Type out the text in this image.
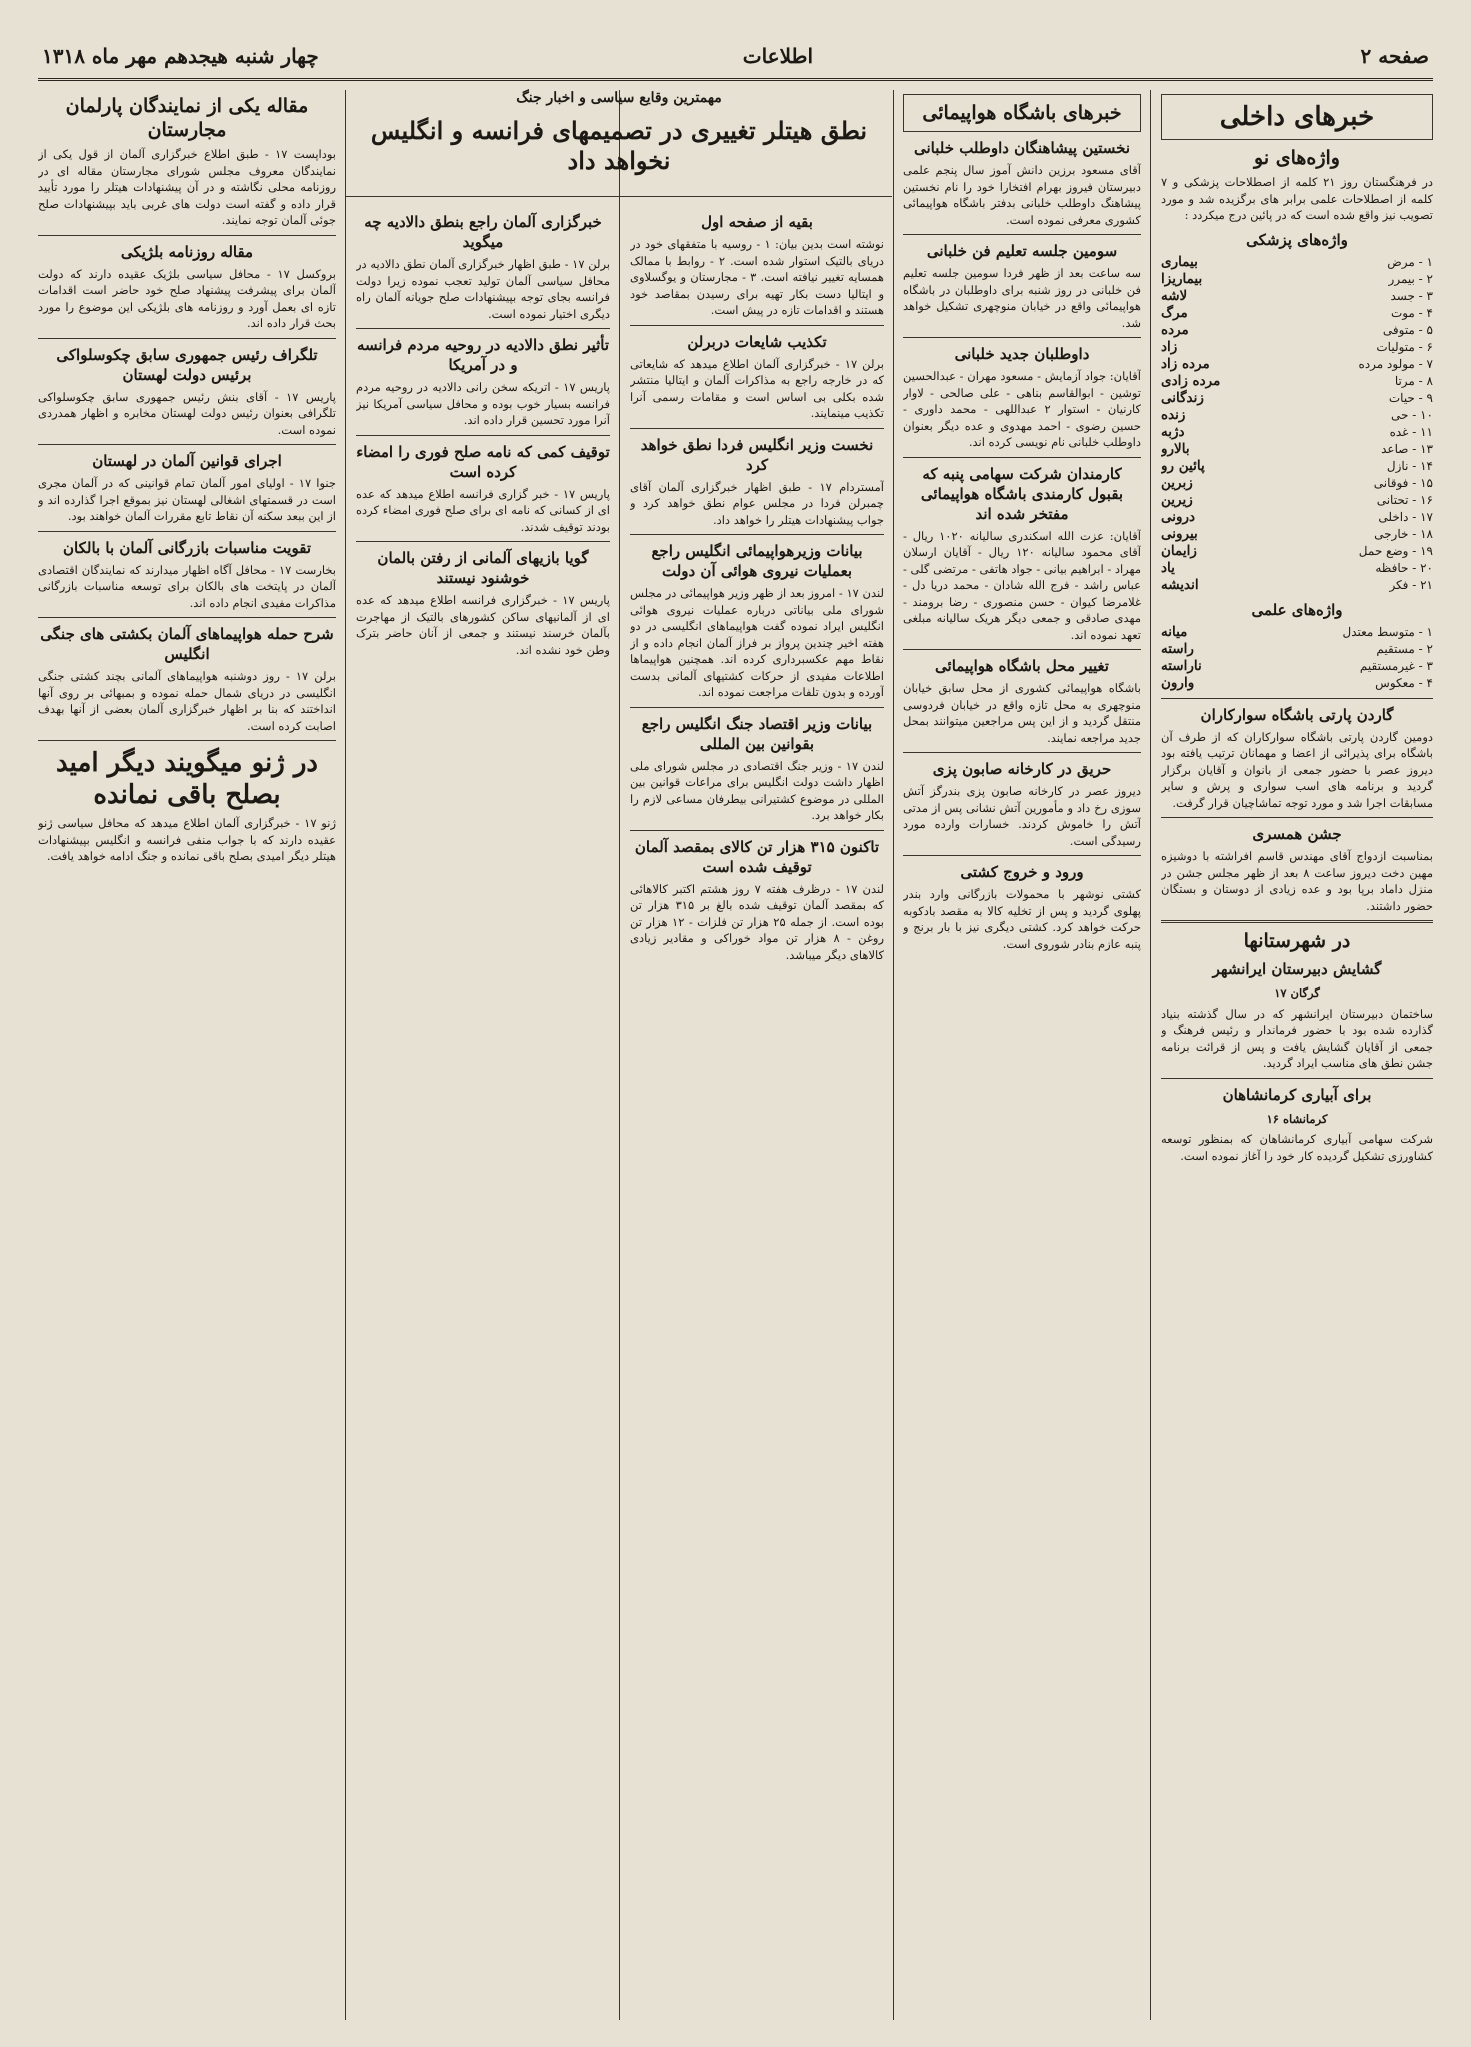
صفحه ۲
اطلاعات
چهار شنبه هیجدهم مهر ماه ۱۳۱۸
خبرهای داخلی
واژه‌های نو

در فرهنگستان روز ۲۱ کلمه از اصطلاحات پزشکی و ۷ کلمه از اصطلاحات علمی برابر های برگزیده شد و مورد تصویب نیز واقع شده است که در پائین درج میکردد :

واژه‌های پزشکی
۱ - مرض
بیماری
۲ - بیمرر
بیماریزا
۳ - جسد
لاشه
۴ - موت
مرگ
۵ - متوفی
مرده
۶ - متولیات
زاد
۷ - مولود مرده
مرده زاد
۸ - مرتا
مرده زادی
۹ - حیات
زندگانی
۱۰ - حی
زنده
۱۱ - غده
دژبه
۱۳ - صاعد
بالارو
۱۴ - نازل
پائین رو
۱۵ - فوقانی
زبرین
۱۶ - تحتانی
زیرین
۱۷ - داخلی
درونی
۱۸ - خارجی
بیرونی
۱۹ - وضع حمل
زایمان
۲۰ - حافظه
یاد
۲۱ - فکر
اندیشه
واژه‌های علمی
۱ - متوسط معتدل
میانه
۲ - مستقیم
راسته
۳ - غیرمستقیم
ناراسته
۴ - معکوس
وارون
گاردن پارتی باشگاه سوارکاران

دومین گاردن پارتی باشگاه سوارکاران که از طرف آن باشگاه برای پذیرائی از اعضا و مهمانان ترتیب یافته بود دیروز عصر با حضور جمعی از بانوان و آقایان برگزار گردید و برنامه های اسب سواری و پرش و سایر مسابقات اجرا شد و مورد توجه تماشاچیان قرار گرفت.

جشن همسری

بمناسبت ازدواج آقای مهندس قاسم افراشته با دوشیزه مهین دخت دیروز ساعت ۸ بعد از ظهر مجلس جشن در منزل داماد برپا بود و عده زیادی از دوستان و بستگان حضور داشتند.

در شهرستانها
گشایش دبیرستان ایرانشهر
گرگان ۱۷

ساختمان دبیرستان ایرانشهر که در سال گذشته بنیاد گذارده شده بود با حضور فرماندار و رئیس فرهنگ و جمعی از آقایان گشایش یافت و پس از قرائت برنامه جشن نطق های مناسب ایراد گردید.

برای آبیاری کرمانشاهان
کرمانشاه ۱۶

شرکت سهامی آبیاری کرمانشاهان که بمنظور توسعه کشاورزی تشکیل گردیده کار خود را آغاز نموده است.

خبرهای باشگاه هواپیمائی
نخستین پیشاهنگان داوطلب خلبانی

آقای مسعود برزین دانش آموز سال پنجم علمی دبیرستان فیروز بهرام افتخارا خود را نام نخستین پیشاهنگ داوطلب خلبانی بدفتر باشگاه هواپیمائی کشوری معرفی نموده است.

سومین جلسه تعلیم فن خلبانی

سه ساعت بعد از ظهر فردا سومین جلسه تعلیم فن خلبانی در روز شنبه برای داوطلبان در باشگاه هواپیمائی واقع در خیابان منوچهری تشکیل خواهد شد.

داوطلبان جدید خلبانی

آقایان: جواد آزمایش - مسعود مهران - عبدالحسین توشین - ابوالقاسم بناهی - علی صالحی - لاوار کارنیان - استوار ۲ عبداللهی - محمد داوری - حسین رضوی - احمد مهدوی و عده دیگر بعنوان داوطلب خلبانی نام نویسی کرده اند.

کارمندان شرکت سهامی پنبه که بقبول کارمندی باشگاه هواپیمائی مفتخر شده اند

آقایان: عزت الله اسکندری ساليانه ۱۰۲۰ ریال - آقای محمود ساليانه ۱۲۰ ریال - آقایان ارسلان مهراد - ابراهیم بیانی - جواد هاتفی - مرتضی گلی - عباس راشد - فرج الله شادان - محمد دریا دل - غلامرضا کیوان - حسن منصوری - رضا برومند - مهدی صادقی و جمعی دیگر هریک سالیانه مبلغی تعهد نموده اند.

تغییر محل باشگاه هواپیمائی

باشگاه هواپیمائی کشوری از محل سابق خیابان منوچهری به محل تازه واقع در خیابان فردوسی منتقل گردید و از این پس مراجعین میتوانند بمحل جدید مراجعه نمایند.

حریق در کارخانه صابون پزی

دیروز عصر در کارخانه صابون پزی بندرگز آتش سوزی رخ داد و مأمورین آتش نشانی پس از مدتی آتش را خاموش کردند. خسارات وارده مورد رسیدگی است.

ورود و خروج کشتی

کشتی نوشهر با محمولات بازرگانی وارد بندر پهلوی گردید و پس از تخلیه کالا به مقصد بادکوبه حرکت خواهد کرد. کشتی دیگری نیز با بار برنج و پنبه عازم بنادر شوروی است.

مهمترین وقایع سیاسی و اخبار جنگ
نطق هیتلر تغییری در تصمیمهای فرانسه و انگلیس نخواهد داد
بقیه از صفحه اول

نوشته است بدین بیان: ۱ - روسیه با متفقهای خود در دریای بالتیک استوار شده است. ۲ - روابط با ممالک همسایه تغییر نیافته است. ۳ - مجارستان و یوگسلاوی و ایتالیا دست بکار تهیه برای رسیدن بمقاصد خود هستند و اقدامات تازه در پیش است.

تکذیب شایعات دربرلن

برلن ۱۷ - خبرگزاری آلمان اطلاع میدهد که شایعاتی که در خارجه راجع به مذاکرات آلمان و ایتالیا منتشر شده بکلی بی اساس است و مقامات رسمی آنرا تکذیب مینمایند.

نخست وزیر انگلیس فردا نطق خواهد کرد

آمستردام ۱۷ - طبق اظهار خبرگزاری آلمان آقای چمبرلن فردا در مجلس عوام نطق خواهد کرد و جواب پیشنهادات هیتلر را خواهد داد.

بیانات وزیرهواپیمائی انگلیس راجع بعملیات نیروی هوائی آن دولت

لندن ۱۷ - امروز بعد از ظهر وزیر هواپیمائی در مجلس شورای ملی بیاناتی درباره عملیات نیروی هوائی انگلیس ایراد نموده گفت هواپیماهای انگلیسی در دو هفته اخیر چندین پرواز بر فراز آلمان انجام داده و از نقاط مهم عکسبرداری کرده اند. همچنین هواپیماها اطلاعات مفیدی از حرکات کشتیهای آلمانی بدست آورده و بدون تلفات مراجعت نموده اند.

بیانات وزیر اقتصاد جنگ انگلیس راجع بقوانین بین المللی

لندن ۱۷ - وزیر جنگ اقتصادی در مجلس شورای ملی اظهار داشت دولت انگلیس برای مراعات قوانین بین المللی در موضوع کشتیرانی بیطرفان مساعی لازم را بکار خواهد برد.

تاکنون ۳۱۵ هزار تن کالای بمقصد آلمان توقیف شده است

لندن ۱۷ - درظرف هفته ۷ روز هشتم اکتبر کالاهائی که بمقصد آلمان توقیف شده بالغ بر ۳۱۵ هزار تن بوده است. از جمله ۲۵ هزار تن فلزات - ۱۲ هزار تن روغن - ۸ هزار تن مواد خوراکی و مقادیر زیادی کالاهای دیگر میباشد.

خبرگزاری آلمان راجع بنطق دالادیه چه میگوید

برلن ۱۷ - طبق اظهار خبرگزاری آلمان نطق دالادیه در محافل سیاسی آلمان تولید تعجب نموده زیرا دولت فرانسه بجای توجه بپیشنهادات صلح جویانه آلمان راه دیگری اختیار نموده است.

تأثیر نطق دالادیه در روحیه مردم فرانسه و در آمریکا

پاریس ۱۷ - اتریکه سخن رانی دالادیه در روحیه مردم فرانسه بسیار خوب بوده و محافل سیاسی آمریکا نیز آنرا مورد تحسین قرار داده اند.

توقیف کمی که نامه صلح فوری را امضاء کرده است

پاریس ۱۷ - خبر گزاری فرانسه اطلاع میدهد که عده ای از کسانی که نامه ای برای صلح فوری امضاء کرده بودند توقیف شدند.

گویا بازیهای آلمانی از رفتن بالمان خوشنود نیستند

پاریس ۱۷ - خبرگزاری فرانسه اطلاع میدهد که عده ای از آلمانیهای ساکن کشورهای بالتیک از مهاجرت بآلمان خرسند نیستند و جمعی از آنان حاضر بترک وطن خود نشده اند.

مقاله یکی از نمایندگان پارلمان مجارستان

بوداپست ۱۷ - طبق اطلاع خبرگزاری آلمان از قول یکی از نمایندگان معروف مجلس شورای مجارستان مقاله ای در روزنامه محلی نگاشته و در آن پیشنهادات هیتلر را مورد تأیید قرار داده و گفته است دولت های غربی باید بپیشنهادات صلح جوئی آلمان توجه نمایند.

مقاله روزنامه بلژیکی

بروکسل ۱۷ - محافل سیاسی بلژیک عقیده دارند که دولت آلمان برای پیشرفت پیشنهاد صلح خود حاضر است اقدامات تازه ای بعمل آورد و روزنامه های بلژیکی این موضوع را مورد بحث قرار داده اند.

تلگراف رئیس جمهوری سابق چکوسلواکی برئیس دولت لهستان

پاریس ۱۷ - آقای بنش رئیس جمهوری سابق چکوسلواکی تلگرافی بعنوان رئیس دولت لهستان مخابره و اظهار همدردی نموده است.

اجرای قوانین آلمان در لهستان

جنوا ۱۷ - اولیای امور آلمان تمام قوانینی که در آلمان مجری است در قسمتهای اشغالی لهستان نیز بموقع اجرا گذارده اند و از این ببعد سکنه آن نقاط تابع مقررات آلمان خواهند بود.

تقویت مناسبات بازرگانی آلمان با بالکان

بخارست ۱۷ - محافل آگاه اظهار میدارند که نمایندگان اقتصادی آلمان در پایتخت های بالکان برای توسعه مناسبات بازرگانی مذاکرات مفیدی انجام داده اند.

شرح حمله هواپیماهای آلمان بکشتی های جنگی انگلیس

برلن ۱۷ - روز دوشنبه هواپیماهای آلمانی بچند کشتی جنگی انگلیسی در دریای شمال حمله نموده و بمبهائی بر روی آنها انداختند که بنا بر اظهار خبرگزاری آلمان بعضی از آنها بهدف اصابت کرده است.

در ژنو میگویند دیگر امید بصلح باقی نمانده

ژنو ۱۷ - خبرگزاری آلمان اطلاع میدهد که محافل سیاسی ژنو عقیده دارند که با جواب منفی فرانسه و انگلیس بپیشنهادات هیتلر دیگر امیدی بصلح باقی نمانده و جنگ ادامه خواهد یافت.
